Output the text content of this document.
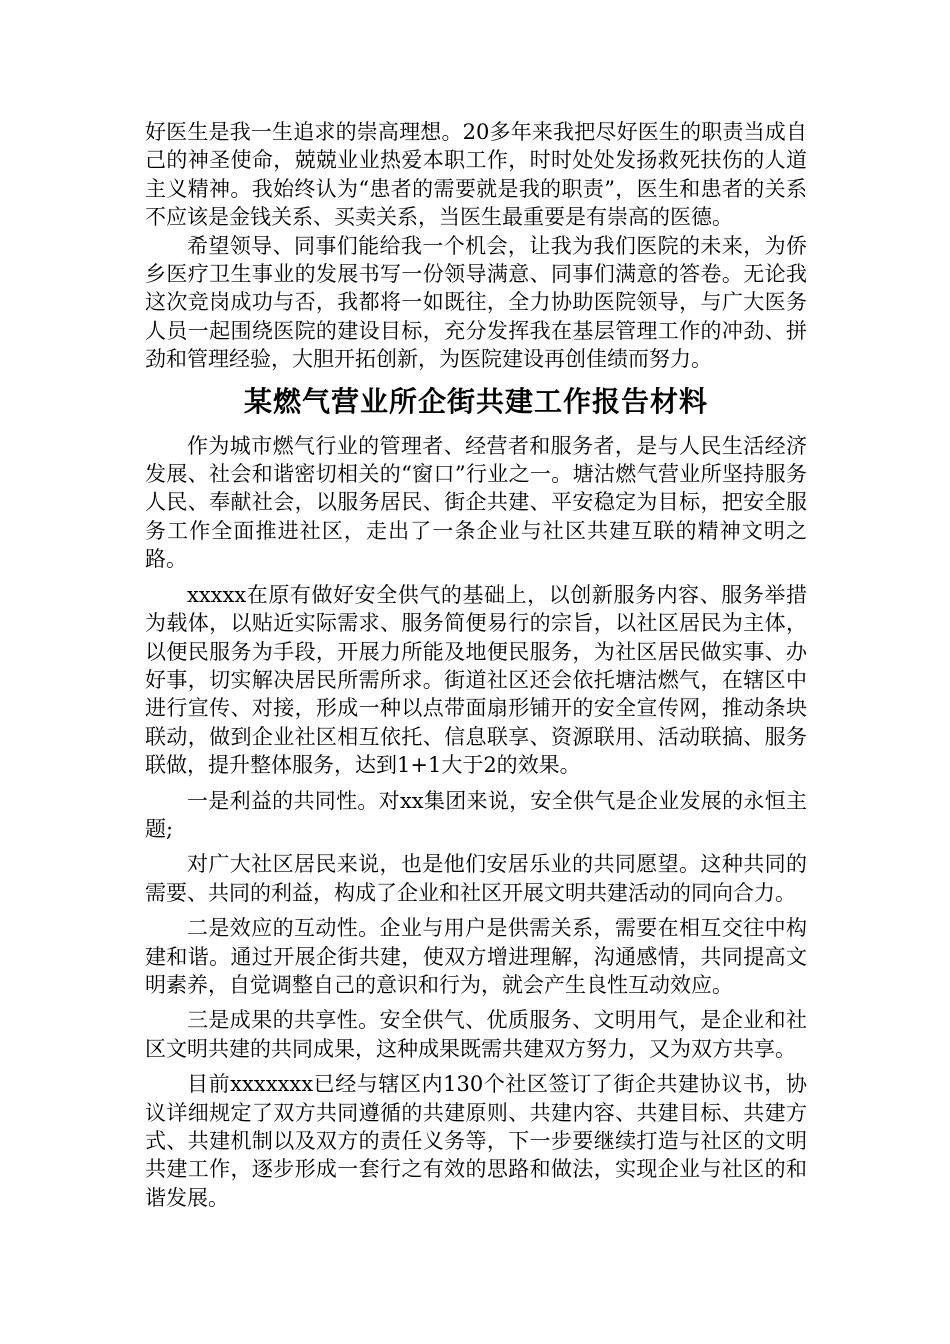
好医生是我一生追求的崇高理想。20多年来我把尽好医生的职责当成自己的神圣使命，兢兢业业热爱本职工作，时时处处发扬救死扶伤的人道主义精神。我始终认为“患者的需要就是我的职责”，医生和患者的关系不应该是金钱关系、买卖关系，当医生最重要是有崇高的医德。

希望领导、同事们能给我一个机会，让我为我们医院的未来，为侨乡医疗卫生事业的发展书写一份领导满意、同事们满意的答卷。无论我这次竞岗成功与否，我都将一如既往，全力协助医院领导，与广大医务人员一起围绕医院的建设目标，充分发挥我在基层管理工作的冲劲、拼劲和管理经验，大胆开拓创新，为医院建设再创佳绩而努力。

某燃气营业所企街共建工作报告材料

作为城市燃气行业的管理者、经营者和服务者，是与人民生活经济发展、社会和谐密切相关的“窗口”行业之一。塘沽燃气营业所坚持服务人民、奉献社会，以服务居民、街企共建、平安稳定为目标，把安全服务工作全面推进社区，走出了一条企业与社区共建互联的精神文明之路。

xxxxx在原有做好安全供气的基础上，以创新服务内容、服务举措为载体，以贴近实际需求、服务简便易行的宗旨，以社区居民为主体，以便民服务为手段，开展力所能及地便民服务，为社区居民做实事、办好事，切实解决居民所需所求。街道社区还会依托塘沽燃气，在辖区中进行宣传、对接，形成一种以点带面扇形铺开的安全宣传网，推动条块联动，做到企业社区相互依托、信息联享、资源联用、活动联搞、服务联做，提升整体服务，达到1+1大于2的效果。

一是利益的共同性。对xx集团来说，安全供气是企业发展的永恒主题;

对广大社区居民来说，也是他们安居乐业的共同愿望。这种共同的需要、共同的利益，构成了企业和社区开展文明共建活动的同向合力。

二是效应的互动性。企业与用户是供需关系，需要在相互交往中构建和谐。通过开展企街共建，使双方增进理解，沟通感情，共同提高文明素养，自觉调整自己的意识和行为，就会产生良性互动效应。

三是成果的共享性。安全供气、优质服务、文明用气，是企业和社区文明共建的共同成果，这种成果既需共建双方努力，又为双方共享。

目前xxxxxxx已经与辖区内130个社区签订了街企共建协议书，协议详细规定了双方共同遵循的共建原则、共建内容、共建目标、共建方式、共建机制以及双方的责任义务等，下一步要继续打造与社区的文明共建工作，逐步形成一套行之有效的思路和做法，实现企业与社区的和谐发展。
